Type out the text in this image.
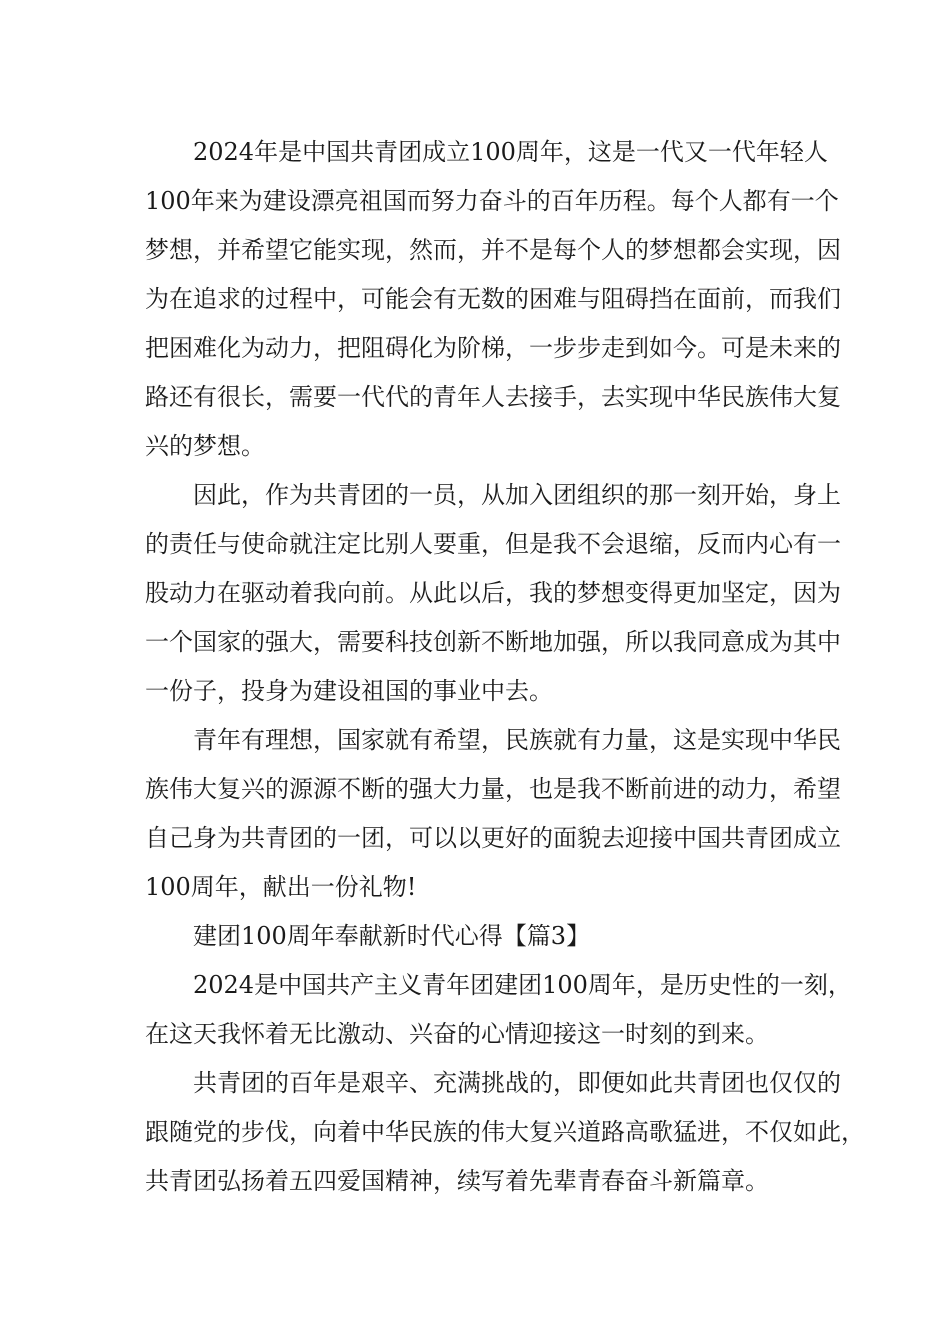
2024年是中国共青团成立100周年，这是一代又一代年轻人

100年来为建设漂亮祖国而努力奋斗的百年历程。每个人都有一个

梦想，并希望它能实现，然而，并不是每个人的梦想都会实现，因

为在追求的过程中，可能会有无数的困难与阻碍挡在面前，而我们

把困难化为动力，把阻碍化为阶梯，一步步走到如今。可是未来的

路还有很长，需要一代代的青年人去接手，去实现中华民族伟大复

兴的梦想。

因此，作为共青团的一员，从加入团组织的那一刻开始，身上

的责任与使命就注定比别人要重，但是我不会退缩，反而内心有一

股动力在驱动着我向前。从此以后，我的梦想变得更加坚定，因为

一个国家的强大，需要科技创新不断地加强，所以我同意成为其中

一份子，投身为建设祖国的事业中去。

青年有理想，国家就有希望，民族就有力量，这是实现中华民

族伟大复兴的源源不断的强大力量，也是我不断前进的动力，希望

自己身为共青团的一团，可以以更好的面貌去迎接中国共青团成立

100周年，献出一份礼物!

建团100周年奉献新时代心得【篇3】

2024是中国共产主义青年团建团100周年，是历史性的一刻，

在这天我怀着无比激动、兴奋的心情迎接这一时刻的到来。

共青团的百年是艰辛、充满挑战的，即便如此共青团也仅仅的

跟随党的步伐，向着中华民族的伟大复兴道路高歌猛进，不仅如此，

共青团弘扬着五四爱国精神，续写着先辈青春奋斗新篇章。
